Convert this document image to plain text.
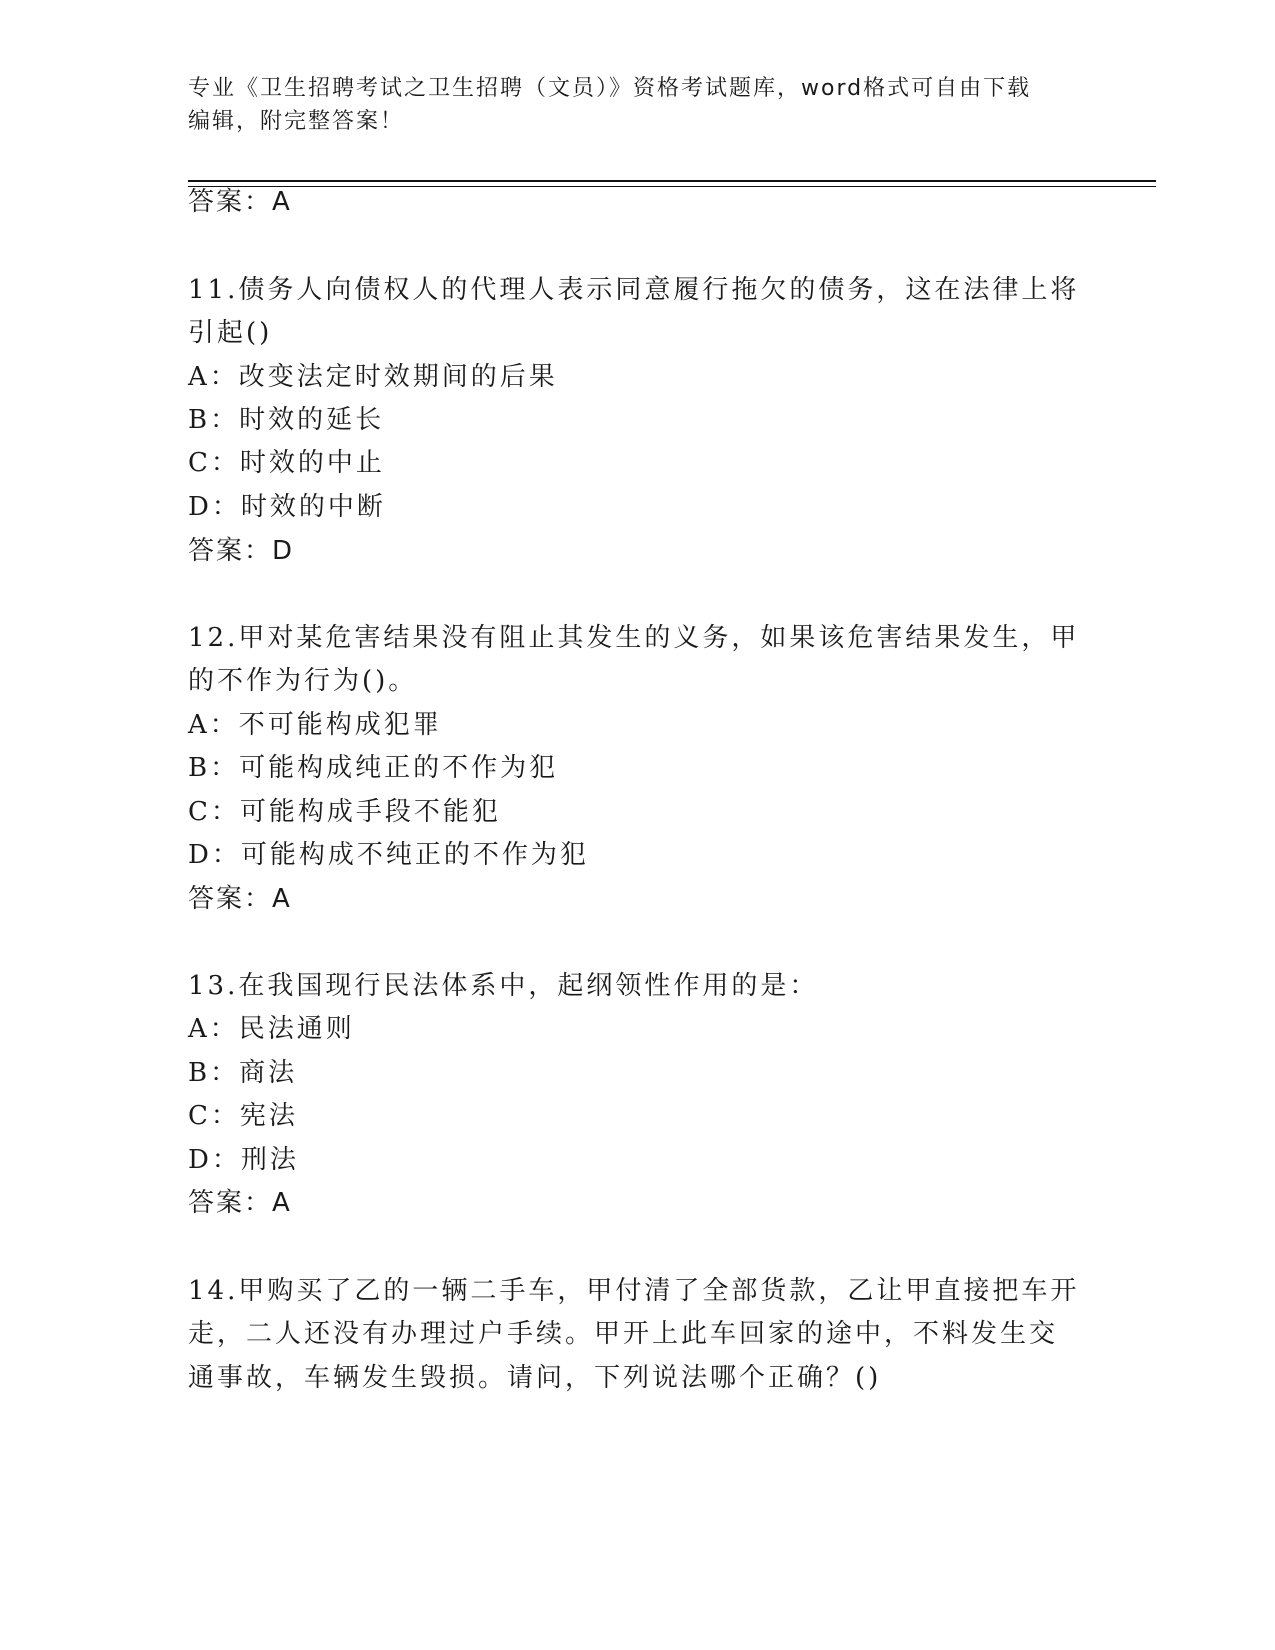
专业《卫生招聘考试之卫生招聘（文员）》资格考试题库，word格式可自由下载
编辑，附完整答案！
答案：A
11.债务人向债权人的代理人表示同意履行拖欠的债务，这在法律上将
引起()
A：改变法定时效期间的后果
B：时效的延长
C：时效的中止
D：时效的中断
答案：D
12.甲对某危害结果没有阻止其发生的义务，如果该危害结果发生，甲
的不作为行为()。
A：不可能构成犯罪
B：可能构成纯正的不作为犯
C：可能构成手段不能犯
D：可能构成不纯正的不作为犯
答案：A
13.在我国现行民法体系中，起纲领性作用的是：
A：民法通则
B：商法
C：宪法
D：刑法
答案：A
14.甲购买了乙的一辆二手车，甲付清了全部货款，乙让甲直接把车开
走，二人还没有办理过户手续。甲开上此车回家的途中，不料发生交
通事故，车辆发生毁损。请问，下列说法哪个正确？()
